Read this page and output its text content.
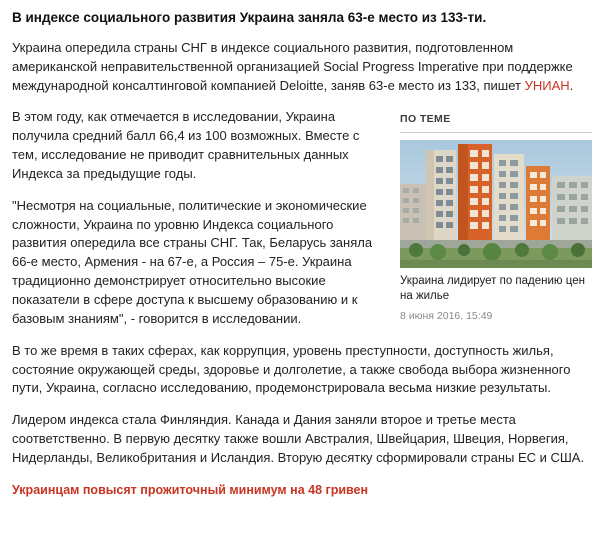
В индексе социального развития Украина заняла 63-е место из 133-ти.

Украина опередила страны СНГ в индексе социального развития, подготовленном американской неправительственной организацией Social Progress Imperative при поддержке международной консалтинговой компанией Deloitte, заняв 63-е место из 133, пишет УНИАН.

ПО ТЕМЕ
Украина лидирует по падению цен на жилье
8 июня 2016, 15:49

В этом году, как отмечается в исследовании, Украина получила средний балл 66,4 из 100 возможных. Вместе с тем, исследование не приводит сравнительных данных Индекса за предыдущие годы.

"Несмотря на социальные, политические и экономические сложности, Украина по уровню Индекса социального развития опередила все страны СНГ. Так, Беларусь заняла 66-е место, Армения - на 67-е, а Россия – 75-е. Украина традиционно демонстрирует относительно высокие показатели в сфере доступа к высшему образованию и к базовым знаниям", - говорится в исследовании.

В то же время в таких сферах, как коррупция, уровень преступности, доступность жилья, состояние окружающей среды, здоровье и долголетие, а также свобода выбора жизненного пути, Украина, согласно исследованию, продемонстрировала весьма низкие результаты.

Лидером индекса стала Финляндия. Канада и Дания заняли второе и третье места соответственно. В первую десятку также вошли Австралия, Швейцария, Швеция, Норвегия, Нидерланды, Великобритания и Исландия. Вторую десятку сформировали страны ЕС и США.

Украинцам повысят прожиточный минимум на 48 гривен
